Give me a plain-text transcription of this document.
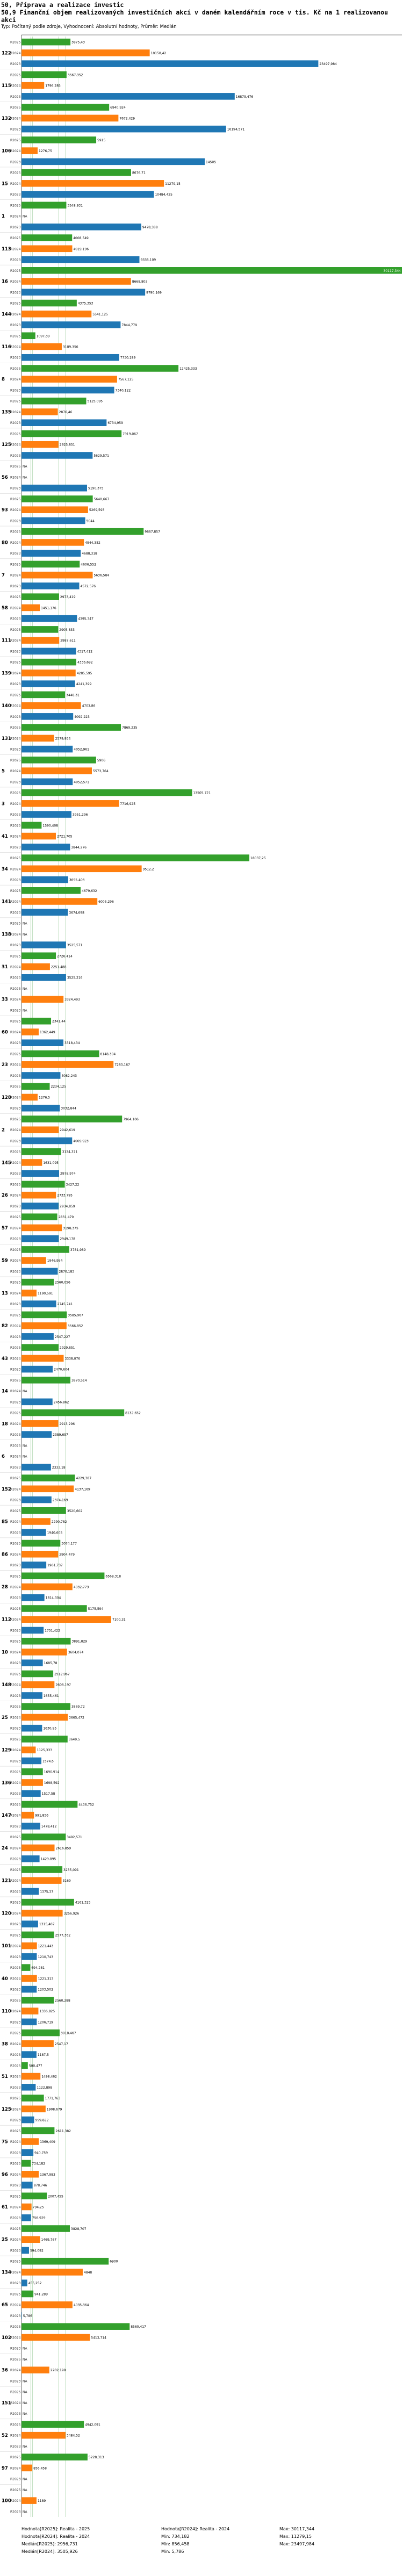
50, Příprava a realizace investic
50,9 Finanční objem realizovaných investičních akcí v daném kalendářním roce v tis. Kč na 1 realizovanou akci
Typ: Počítaný podle zdroje, Vyhodnocení: Absolutní hodnoty, Průměr: Medián
122
R2025	3875,43
R2024	10150,42
R2023	23497,984
115
R2025	3567,952
R2024	1796,285
R2023	16879,476
132
R2025	6940,924
R2024	7672,429
R2023	16194,571
106
R2025	5915
R2024	1276,75
R2023	14505
15
R2025	8676,71
R2024	11279,15
R2023	10484,425
1
R2025	3548,931
R2024 NA
R2023	9478,388
113
R2025	4008,549
R2024	4019,196
R2023	9336,109
16
R2025	30117,344
R2024	8668,803
R2023	9790,169
144
R2025	4375,353
R2024	5541,125
R2023	7844,779
116
R2025	1097,39
R2024	3189,356
R2023	7730,189
8
R2025	12425,333
R2024	7567,125
R2023	7340,122
135
R2025	5125,095
R2024	2876,46
R2023	6734,959
125
R2025	7919,067
R2024	2925,851
R2023	5629,571
56
R2025 NA
R2024 NA
R2023	5190,375
93
R2025	5640,667
R2024	5269,593
R2023	5044
80
R2025	9667,857
R2024	4944,352
R2023	4688,318
7
R2025	4606,552
R2024	5636,584
R2023	4572,576
58
R2025	2973,419
R2024	1451,176
R2023	4395,347
111
R2025	2905,833
R2024	2987,611
R2023	4317,412
139
R2025	4336,692
R2024	4285,595
R2023	4241,399
140
R2025	3448,31
R2024	4703,86
R2023	4092,223
131
R2025	7869,235
R2024	2579,934
R2023	4052,961
5
R2025	5906
R2024	5573,764
R2023	4052,571
3
R2025	13505,721
R2024	7716,925
R2023	3951,296
41
R2025	1590,408
R2024	2721,705
R2023	3844,276
34
R2025	18037,25
R2024	9512,2
R2023	3695,403
141
R2025	4679,632
R2024	6005,296
R2023	3674,698
138
R2025 NA
R2024 NA
R2023	3525,571
31
R2025	2726,414
R2024	2251,488
R2023	3525,216
33
R2025 NA
R2024	3324,493
R2023 NA
60
R2025	2341,44
R2024	1362,449
R2023	3318,434
23
R2025	6148,304
R2024	7283,167
R2023	3082,243
128
R2025	2234,125
R2024	1276,5
R2023	3032,844
2
R2025	7964,106
R2024	2942,619
R2023	4009,923
145
R2025	3134,371
R2024	1631,095
R2023	2978,974
26
R2025	3427,22
R2024	2733,795
R2023	2934,859
57
R2025	2831,479
R2024	3198,375
R2023	2949,178
59
R2025	3781,989
R2024	1946,954
R2023	2870,183
13
R2025	2560,056
R2024	1190,591
R2023	2745,741
82
R2025	3585,967
R2024	3566,852
R2023	2547,227
43
R2025	2929,851
R2024	3338,076
R2023	2470,604
14
R2025	3870,514
R2024 NA
R2023	2456,862
18
R2025	8132,652
R2024	2913,296
R2023	2389,697
6
R2025 NA
R2024 NA
R2023	2333,18
152
R2025	4229,387
R2024	4137,169
R2023	2374,169
85
R2025	3520,602
R2024	2290,782
R2023	1940,605
86
R2025	3074,177
R2024	2904,479
R2023	1961,737
28
R2025	6568,318
R2024	4032,773
R2023	1814,304
112
R2025	5175,594
R2024	7100,31
R2023	1751,422
10
R2025	3891,829
R2024	3604,074
R2023	1685,78
148
R2025	2512,967
R2024	2608,197
R2023	1655,461
25
R2025	3869,72
R2024	3665,472
R2023	1630,95
129
R2025	3649,5
R2024	1125,333
R2023	1574,5
136
R2025	1690,914
R2024	1698,592
R2023	1517,58
147
R2025	4436,752
R2024	991,856
R2023	1478,412
24
R2025	3492,571
R2024	2616,859
R2023	1429,895
121
R2025	3235,091
R2024	3169
R2023	1375,37
120
R2025	4161,325
R2024	3256,926
R2023	1315,407
101
R2025	2577,362
R2024	1221,443
R2023	1210,743
40
R2025	694,281
R2024	1221,313
R2023	1203,502
110
R2025	2560,288
R2024	1336,825
R2023	1206,719
38
R2025	3018,467
R2024	2547,17
R2023	1187,5
51
R2025	500,477
R2024	1498,462
R2023	1122,898
125
R2025	1771,763
R2024	1908,679
R2023	999,822
75
R2025	2611,382
R2024	1369,409
R2023	940,759
96
R2025	734,182
R2024	1367,983
R2023	878,746
61
R2025	2007,455
R2024	794,25
R2023	756,929
25
R2025	3828,707
R2024	1469,767
R2023	594,092
134
R2025	6900
R2024	4848
R2023 455,252
65
R2025	941,289
R2024	4035,364
R2023 5,786
102
R2025	8560,417
R2024	5413,714
R2023 NA
36
R2025 NA
R2024	2202,199
R2023 NA
151
R2025 NA
R2024 NA
R2023 NA
52
R2025	4942,091
R2024	3484,52
R2023 NA
97
R2025	5228,313
R2024	856,458
R2023 NA
100
R2025 NA
R2024	1189
R2023 NA
Hodnota[R2025]: Realita - 2025
Hodnota[R2024]: Realita - 2024
Medián[R2025]: 2956,731
Medián[R2024]: 3505,926
Hodnota[R2024]: Realita - 2024
Min: 734,182
Min: 856,458
Min: 5,786
Max: 30117,344
Max: 11279,15
Max: 23497,984
